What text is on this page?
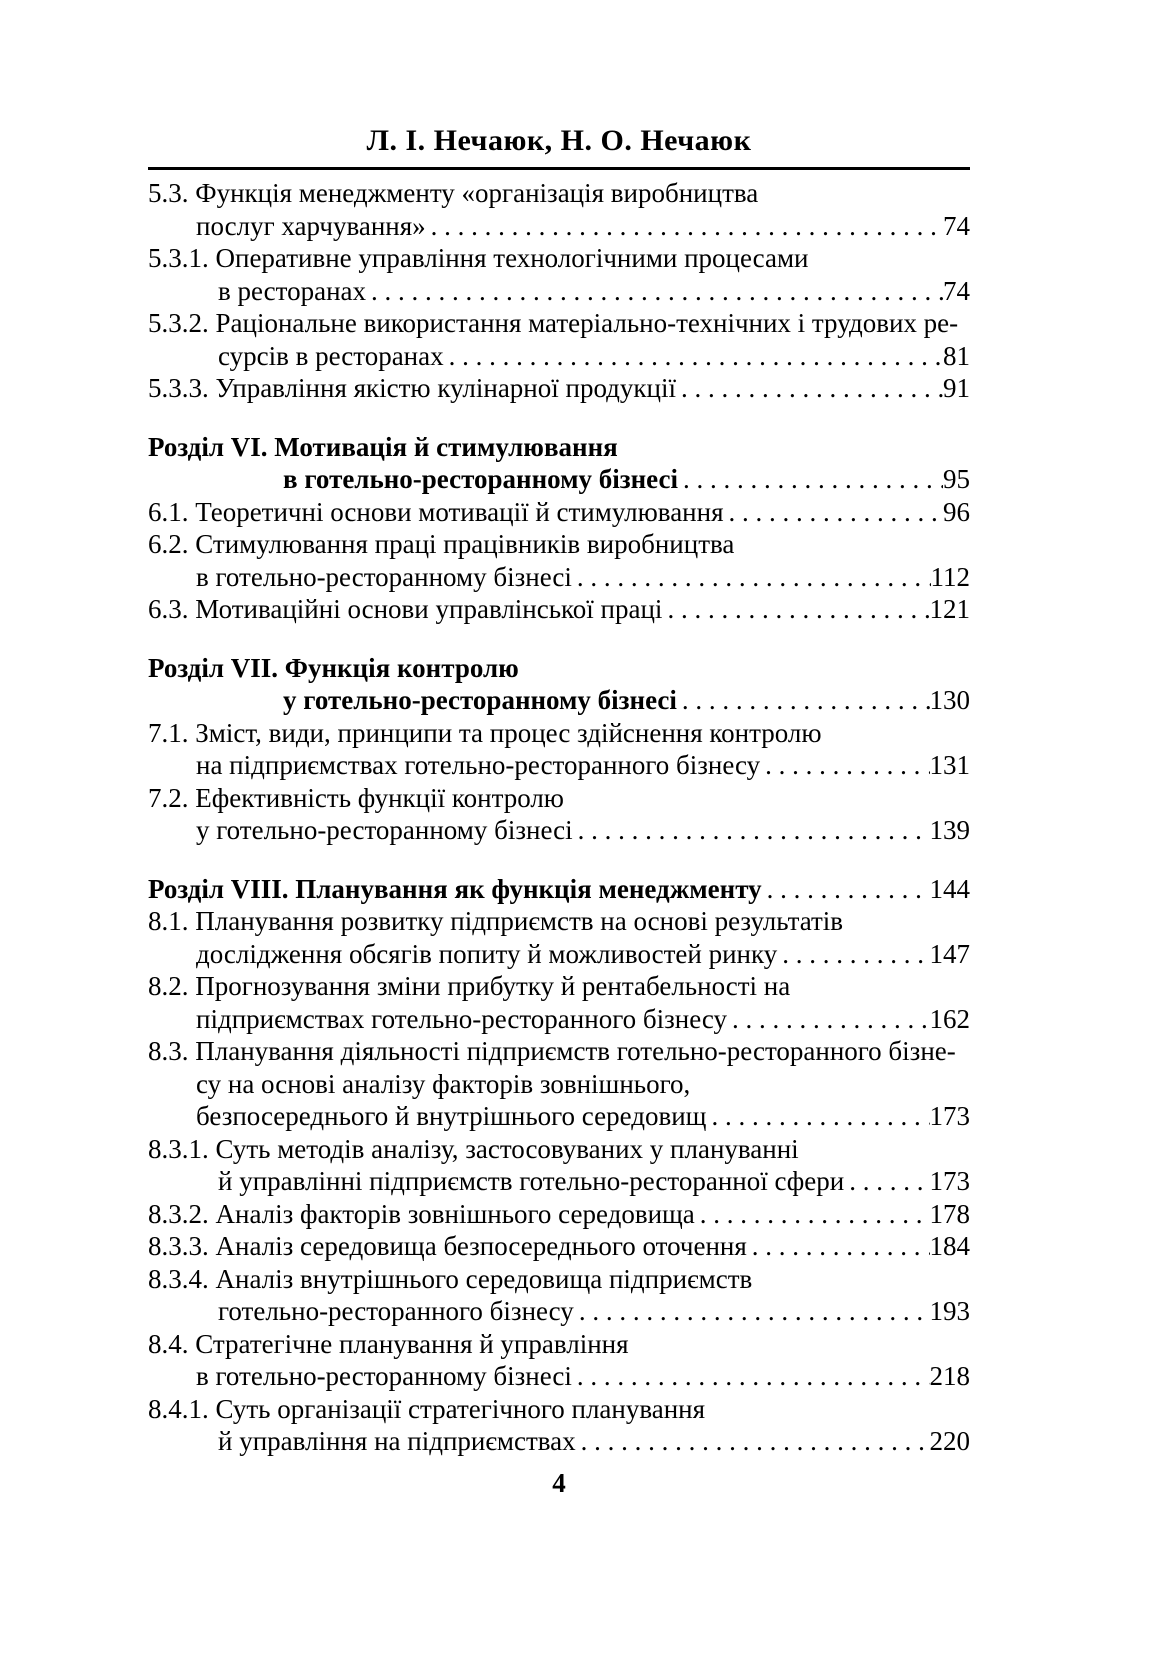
Л. І. Нечаюк, Н. О. Нечаюк
5.3. Функція менеджменту «організація виробництва
послуг харчування» . . .	74
5.3.1. Оперативне управління технологічними процесами
в ресторанах . . .	74
5.3.2. Раціональне використання матеріально-технічних і трудових ре-
сурсів в ресторанах . . .	81
5.3.3. Управління якістю кулінарної продукції . . .	91
Розділ VI. Мотивація й стимулювання
в готельно-ресторанному бізнесі . . .	95
6.1. Теоретичні основи мотивації й стимулювання . . .	96
6.2. Стимулювання праці працівників виробництва
в готельно-ресторанному бізнесі . . .	112
6.3. Мотиваційні основи управлінської праці . . .	121
Розділ VII. Функція контролю
у готельно-ресторанному бізнесі . . .	130
7.1. Зміст, види, принципи та процес здійснення контролю
на підприємствах готельно-ресторанного бізнесу . . .	131
7.2. Ефективність функції контролю
у готельно-ресторанному бізнесі . . .	139
Розділ VIII. Планування як функція менеджменту . . .	144
8.1. Планування розвитку підприємств на основі результатів
дослідження обсягів попиту й можливостей ринку . . .	147
8.2. Прогнозування зміни прибутку й рентабельності на
підприємствах готельно-ресторанного бізнесу . . .	162
8.3. Планування діяльності підприємств готельно-ресторанного бізне-
су на основі аналізу факторів зовнішнього,
безпосереднього й внутрішнього середовищ . . .	173
8.3.1. Суть методів аналізу, застосовуваних у плануванні
й управлінні підприємств готельно-ресторанної сфери . . .	173
8.3.2. Аналіз факторів зовнішнього середовища . . .	178
8.3.3. Аналіз середовища безпосереднього оточення . . .	184
8.3.4. Аналіз внутрішнього середовища підприємств
готельно-ресторанного бізнесу . . .	193
8.4. Стратегічне планування й управління
в готельно-ресторанному бізнесі . . .	218
8.4.1. Суть організації стратегічного планування
й управління на підприємствах . . .	220
4
